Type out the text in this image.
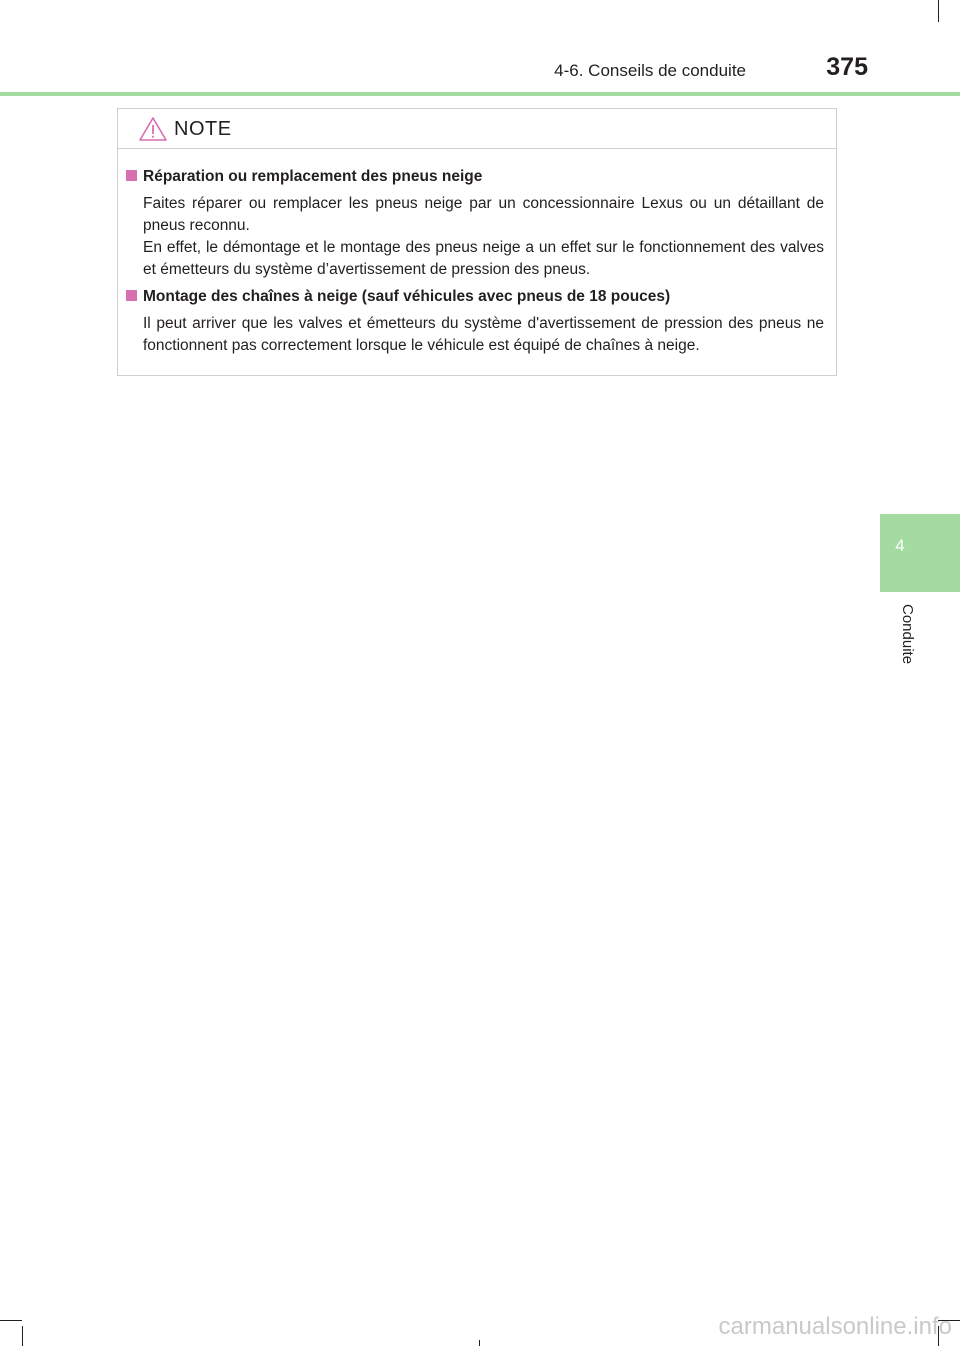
4-6. Conseils de conduite	375
4
Conduite
NOTE
Réparation ou remplacement des pneus neige

Faites réparer ou remplacer les pneus neige par un concessionnaire Lexus ou un détaillant de pneus reconnu.

En effet, le démontage et le montage des pneus neige a un effet sur le fonctionnement des valves et émetteurs du système d’avertissement de pression des pneus.

Montage des chaînes à neige (sauf véhicules avec pneus de 18 pouces)

Il peut arriver que les valves et émetteurs du système d'avertissement de pression des pneus ne fonctionnent pas correctement lorsque le véhicule est équipé de chaînes à neige.

carmanualsonline.info
